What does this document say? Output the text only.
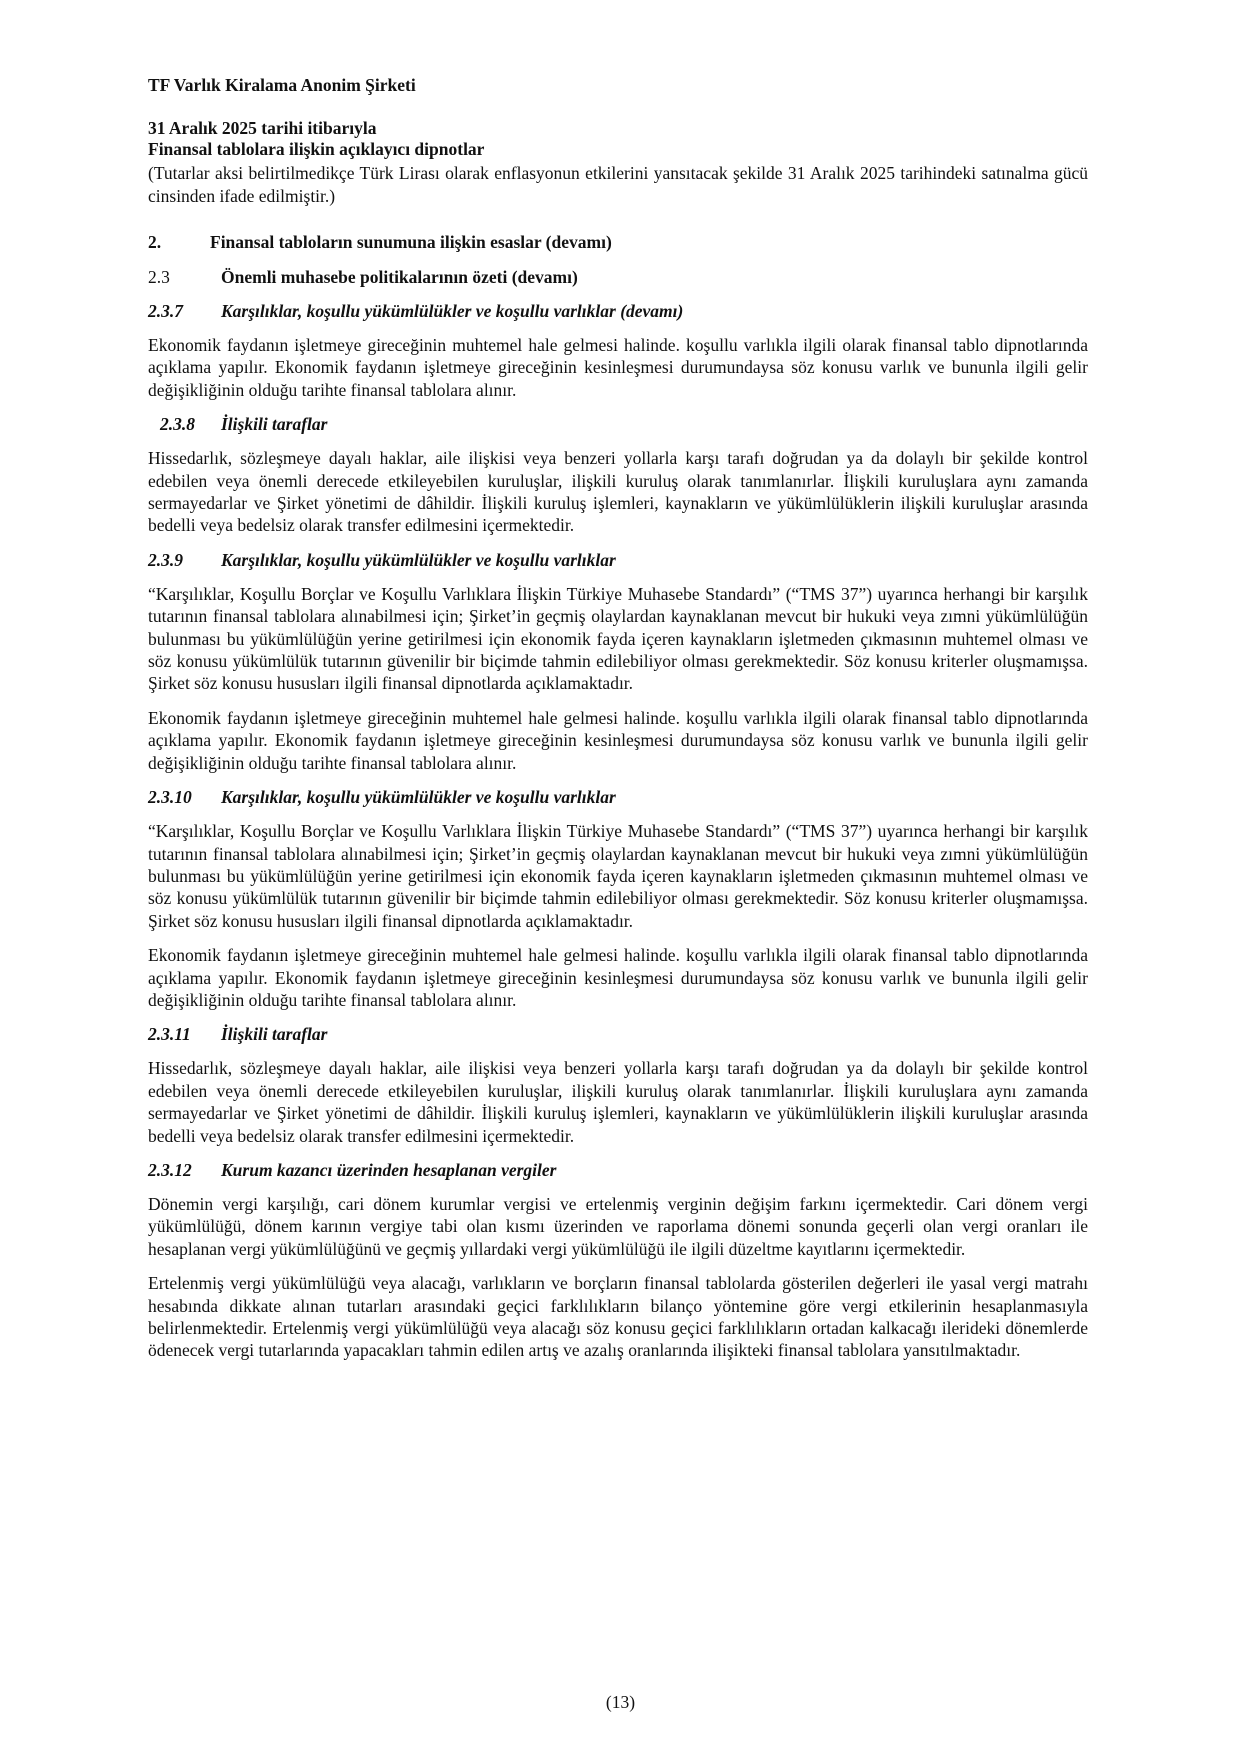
TF Varlık Kiralama Anonim Şirketi
31 Aralık 2025 tarihi itibarıyla
Finansal tablolara ilişkin açıklayıcı dipnotlar
(Tutarlar aksi belirtilmedikçe Türk Lirası olarak enflasyonun etkilerini yansıtacak şekilde 31 Aralık 2025 tarihindeki satınalma gücü cinsinden ifade edilmiştir.)
2.	Finansal tabloların sunumuna ilişkin esaslar (devamı)
2.3	Önemli muhasebe politikalarının özeti (devamı)
2.3.7	Karşılıklar, koşullu yükümlülükler ve koşullu varlıklar (devamı)

Ekonomik faydanın işletmeye gireceğinin muhtemel hale gelmesi halinde. koşullu varlıkla ilgili olarak finansal tablo dipnotlarında açıklama yapılır. Ekonomik faydanın işletmeye gireceğinin kesinleşmesi durumundaysa söz konusu varlık ve bununla ilgili gelir değişikliğinin olduğu tarihte finansal tablolara alınır.

2.3.8	İlişkili taraflar

Hissedarlık, sözleşmeye dayalı haklar, aile ilişkisi veya benzeri yollarla karşı tarafı doğrudan ya da dolaylı bir şekilde kontrol edebilen veya önemli derecede etkileyebilen kuruluşlar, ilişkili kuruluş olarak tanımlanırlar. İlişkili kuruluşlara aynı zamanda sermayedarlar ve Şirket yönetimi de dâhildir. İlişkili kuruluş işlemleri, kaynakların ve yükümlülüklerin ilişkili kuruluşlar arasında bedelli veya bedelsiz olarak transfer edilmesini içermektedir.

2.3.9	Karşılıklar, koşullu yükümlülükler ve koşullu varlıklar

“Karşılıklar, Koşullu Borçlar ve Koşullu Varlıklara İlişkin Türkiye Muhasebe Standardı” (“TMS 37”) uyarınca herhangi bir karşılık tutarının finansal tablolara alınabilmesi için; Şirket’in geçmiş olaylardan kaynaklanan mevcut bir hukuki veya zımni yükümlülüğün bulunması bu yükümlülüğün yerine getirilmesi için ekonomik fayda içeren kaynakların işletmeden çıkmasının muhtemel olması ve söz konusu yükümlülük tutarının güvenilir bir biçimde tahmin edilebiliyor olması gerekmektedir. Söz konusu kriterler oluşmamışsa. Şirket söz konusu hususları ilgili finansal dipnotlarda açıklamaktadır.

Ekonomik faydanın işletmeye gireceğinin muhtemel hale gelmesi halinde. koşullu varlıkla ilgili olarak finansal tablo dipnotlarında açıklama yapılır. Ekonomik faydanın işletmeye gireceğinin kesinleşmesi durumundaysa söz konusu varlık ve bununla ilgili gelir değişikliğinin olduğu tarihte finansal tablolara alınır.

2.3.10	Karşılıklar, koşullu yükümlülükler ve koşullu varlıklar

“Karşılıklar, Koşullu Borçlar ve Koşullu Varlıklara İlişkin Türkiye Muhasebe Standardı” (“TMS 37”) uyarınca herhangi bir karşılık tutarının finansal tablolara alınabilmesi için; Şirket’in geçmiş olaylardan kaynaklanan mevcut bir hukuki veya zımni yükümlülüğün bulunması bu yükümlülüğün yerine getirilmesi için ekonomik fayda içeren kaynakların işletmeden çıkmasının muhtemel olması ve söz konusu yükümlülük tutarının güvenilir bir biçimde tahmin edilebiliyor olması gerekmektedir. Söz konusu kriterler oluşmamışsa. Şirket söz konusu hususları ilgili finansal dipnotlarda açıklamaktadır.

Ekonomik faydanın işletmeye gireceğinin muhtemel hale gelmesi halinde. koşullu varlıkla ilgili olarak finansal tablo dipnotlarında açıklama yapılır. Ekonomik faydanın işletmeye gireceğinin kesinleşmesi durumundaysa söz konusu varlık ve bununla ilgili gelir değişikliğinin olduğu tarihte finansal tablolara alınır.

2.3.11	İlişkili taraflar

Hissedarlık, sözleşmeye dayalı haklar, aile ilişkisi veya benzeri yollarla karşı tarafı doğrudan ya da dolaylı bir şekilde kontrol edebilen veya önemli derecede etkileyebilen kuruluşlar, ilişkili kuruluş olarak tanımlanırlar. İlişkili kuruluşlara aynı zamanda sermayedarlar ve Şirket yönetimi de dâhildir. İlişkili kuruluş işlemleri, kaynakların ve yükümlülüklerin ilişkili kuruluşlar arasında bedelli veya bedelsiz olarak transfer edilmesini içermektedir.

2.3.12	Kurum kazancı üzerinden hesaplanan vergiler

Dönemin vergi karşılığı, cari dönem kurumlar vergisi ve ertelenmiş verginin değişim farkını içermektedir. Cari dönem vergi yükümlülüğü, dönem karının vergiye tabi olan kısmı üzerinden ve raporlama dönemi sonunda geçerli olan vergi oranları ile hesaplanan vergi yükümlülüğünü ve geçmiş yıllardaki vergi yükümlülüğü ile ilgili düzeltme kayıtlarını içermektedir.

Ertelenmiş vergi yükümlülüğü veya alacağı, varlıkların ve borçların finansal tablolarda gösterilen değerleri ile yasal vergi matrahı hesabında dikkate alınan tutarları arasındaki geçici farklılıkların bilanço yöntemine göre vergi etkilerinin hesaplanmasıyla belirlenmektedir. Ertelenmiş vergi yükümlülüğü veya alacağı söz konusu geçici farklılıkların ortadan kalkacağı ilerideki dönemlerde ödenecek vergi tutarlarında yapacakları tahmin edilen artış ve azalış oranlarında ilişikteki finansal tablolara yansıtılmaktadır.

(13)
